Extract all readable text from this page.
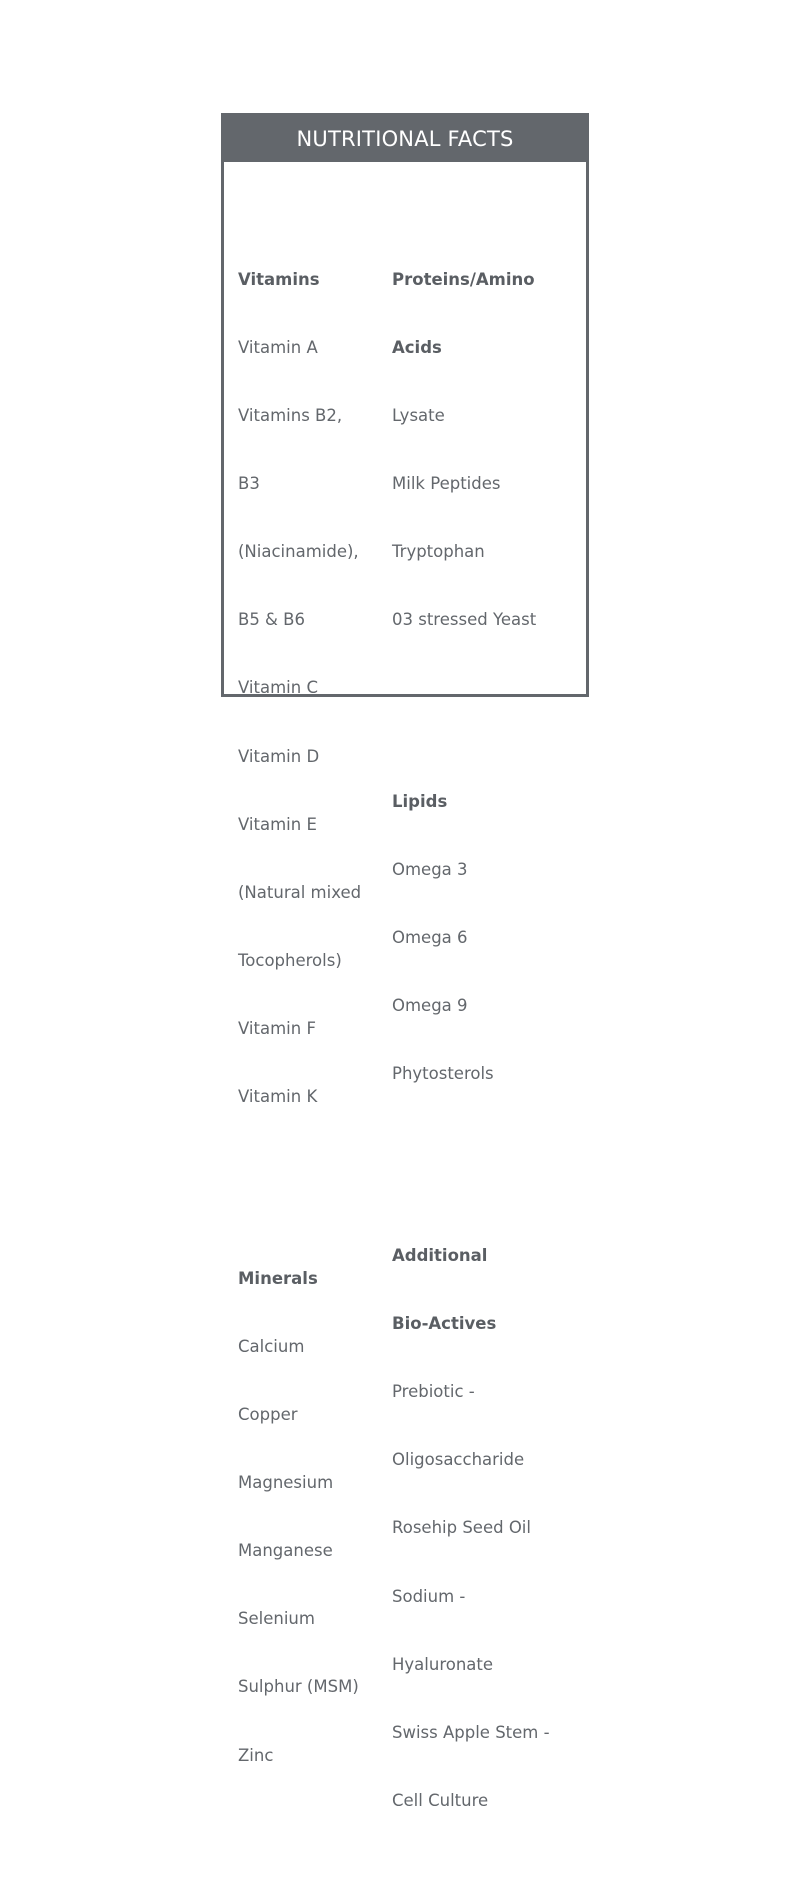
NUTRITIONAL FACTS

Vitamins

Vitamin A

Vitamins B2,

B3

(Niacinamide),

B5 & B6

Vitamin C

Vitamin D

Vitamin E

(Natural mixed

Tocopherols)

Vitamin F

Vitamin K

Minerals

Calcium

Copper

Magnesium

Manganese

Selenium

Sulphur (MSM)

Zinc

Proteins/Amino

Acids

Lysate

Milk Peptides

Tryptophan

03 stressed Yeast

Lipids

Omega 3

Omega 6

Omega 9

Phytosterols

Additional

Bio-Actives

Prebiotic -

Oligosaccharide

Rosehip Seed Oil

Sodium -

Hyaluronate

Swiss Apple Stem -

Cell Culture
